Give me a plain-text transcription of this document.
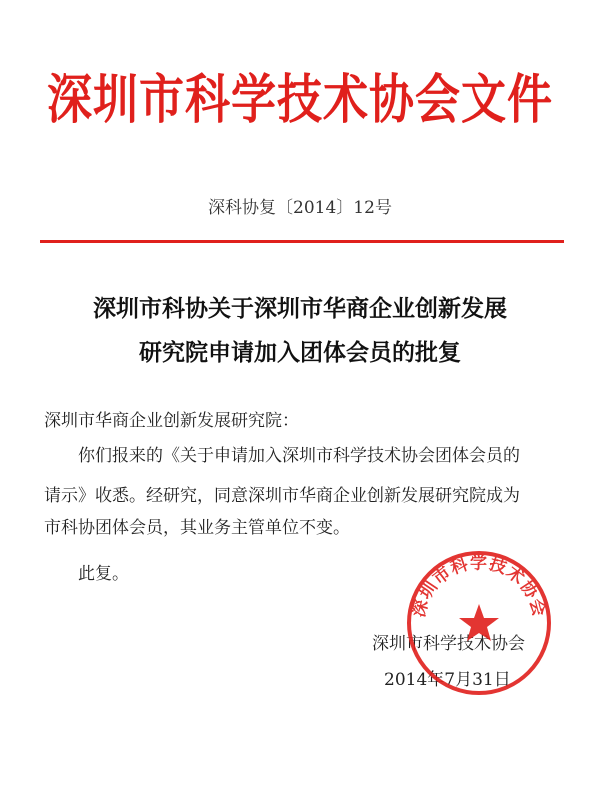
深圳市科学技术协会文件
深科协复〔2014〕12号
深圳市科协关于深圳市华商企业创新发展
研究院申请加入团体会员的批复
深圳市华商企业创新发展研究院：
你们报来的《关于申请加入深圳市科学技术协会团体会员的
请示》收悉。经研究，同意深圳市华商企业创新发展研究院成为
市科协团体会员，其业务主管单位不变。
此复。
深圳市科学技术协会
2014年7月31日
深圳市科学技术协会
